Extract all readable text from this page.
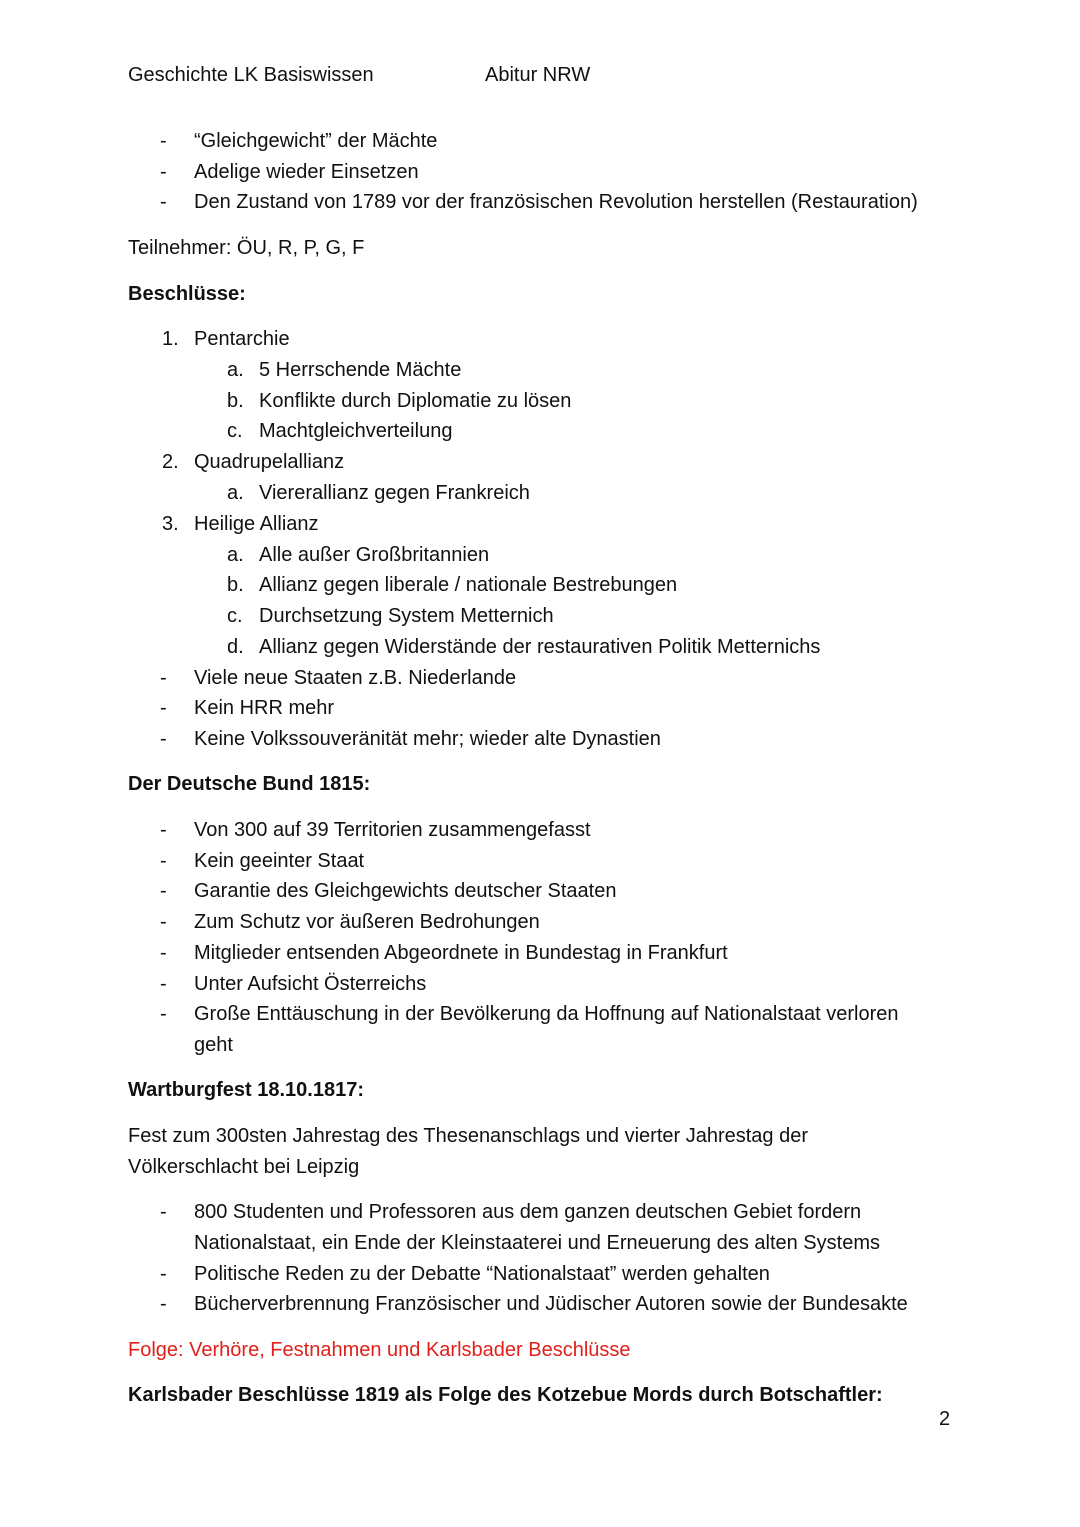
Geschichte LK Basiswissen	Abitur NRW
- “Gleichgewicht” der Mächte
- Adelige wieder Einsetzen
- Den Zustand von 1789 vor der französischen Revolution herstellen (Restauration)
Teilnehmer: ÖU, R, P, G, F
Beschlüsse:
1. Pentarchie
a. 5 Herrschende Mächte
b. Konflikte durch Diplomatie zu lösen
c. Machtgleichverteilung
2. Quadrupelallianz
a. Viererallianz gegen Frankreich
3. Heilige Allianz
a. Alle außer Großbritannien
b. Allianz gegen liberale / nationale Bestrebungen
c. Durchsetzung System Metternich
d. Allianz gegen Widerstände der restaurativen Politik Metternichs
- Viele neue Staaten z.B. Niederlande
- Kein HRR mehr
- Keine Volkssouveränität mehr; wieder alte Dynastien
Der Deutsche Bund 1815:
- Von 300 auf 39 Territorien zusammengefasst
- Kein geeinter Staat
- Garantie des Gleichgewichts deutscher Staaten
- Zum Schutz vor äußeren Bedrohungen
- Mitglieder entsenden Abgeordnete in Bundestag in Frankfurt
- Unter Aufsicht Österreichs
- Große Enttäuschung in der Bevölkerung da Hoffnung auf Nationalstaat verloren
geht
Wartburgfest 18.10.1817:
Fest zum 300sten Jahrestag des Thesenanschlags und vierter Jahrestag der
Völkerschlacht bei Leipzig
- 800 Studenten und Professoren aus dem ganzen deutschen Gebiet fordern
Nationalstaat, ein Ende der Kleinstaaterei und Erneuerung des alten Systems
- Politische Reden zu der Debatte “Nationalstaat” werden gehalten
- Bücherverbrennung Französischer und Jüdischer Autoren sowie der Bundesakte
Folge: Verhöre, Festnahmen und Karlsbader Beschlüsse
Karlsbader Beschlüsse 1819 als Folge des Kotzebue Mords durch Botschaftler:
2
